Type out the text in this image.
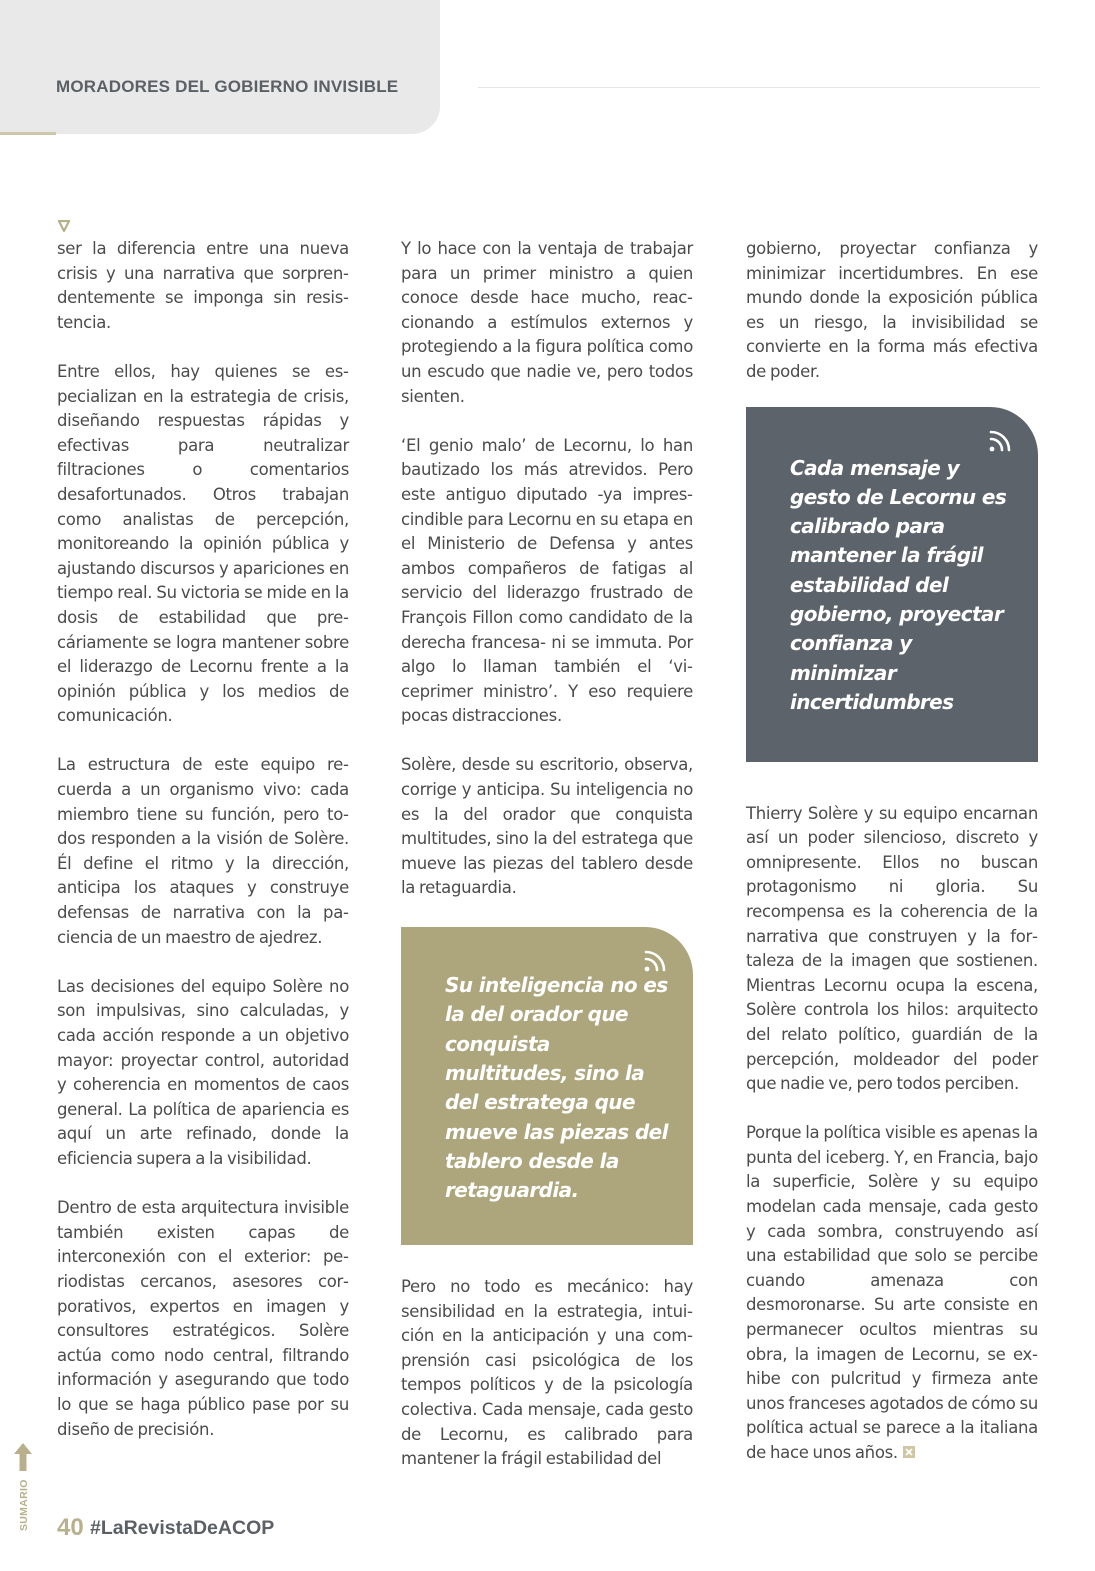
MORADORES DEL GOBIERNO INVISIBLE

ser la diferencia entre una nueva crisis y una narrativa que sorprendentemente se imponga sin resistencia.

Entre ellos, hay quienes se especializan en la estrategia de crisis, diseñando respuestas rápidas y efectivas para neutralizar filtraciones o comentarios desafortunados. Otros trabajan como analistas de percepción, monitoreando la opinión pública y ajustando discursos y apariciones en tiempo real. Su victoria se mide en la dosis de estabilidad que precáriamente se logra mantener sobre el liderazgo de Lecornu frente a la opinión pública y los medios de comunicación.

La estructura de este equipo recuerda a un organismo vivo: cada miembro tiene su función, pero todos responden a la visión de Solère. Él define el ritmo y la dirección, anticipa los ataques y construye defensas de narrativa con la paciencia de un maestro de ajedrez.

Las decisiones del equipo Solère no son impulsivas, sino calculadas, y cada acción responde a un objetivo mayor: proyectar control, autoridad y coherencia en momentos de caos general. La política de apariencia es aquí un arte refinado, donde la eficiencia supera a la visibilidad.

Dentro de esta arquitectura invisible también existen capas de interconexión con el exterior: periodistas cercanos, asesores corporativos, expertos en imagen y consultores estratégicos. Solère actúa como nodo central, filtrando información y asegurando que todo lo que se haga público pase por su diseño de precisión.

Y lo hace con la ventaja de trabajar para un primer ministro a quien conoce desde hace mucho, reaccionando a estímulos externos y protegiendo a la figura política como un escudo que nadie ve, pero todos sienten.

‘El genio malo’ de Lecornu, lo han bautizado los más atrevidos. Pero este antiguo diputado -ya imprescindible para Lecornu en su etapa en el Ministerio de Defensa y antes ambos compañeros de fatigas al servicio del liderazgo frustrado de François Fillon como candidato de la derecha francesa- ni se immuta. Por algo lo llaman también el ‘viceprimer ministro’. Y eso requiere pocas distracciones.

Solère, desde su escritorio, observa, corrige y anticipa. Su inteligencia no es la del orador que conquista multitudes, sino la del estratega que mueve las piezas del tablero desde la retaguardia.

Su inteligencia no es la del orador que conquista multitudes, sino la del estratega que mueve las piezas del tablero desde la retaguardia.

Pero no todo es mecánico: hay sensibilidad en la estrategia, intuición en la anticipación y una comprensión casi psicológica de los tempos políticos y de la psicología colectiva. Cada mensaje, cada gesto de Lecornu, es calibrado para mantener la frágil estabilidad del

gobierno, proyectar confianza y minimizar incertidumbres. En ese mundo donde la exposición pública es un riesgo, la invisibilidad se convierte en la forma más efectiva de poder.

Cada mensaje y gesto de Lecornu es calibrado para mantener la frágil estabilidad del gobierno, proyectar confianza y minimizar incertidumbres

Thierry Solère y su equipo encarnan así un poder silencioso, discreto y omnipresente. Ellos no buscan protagonismo ni gloria. Su recompensa es la coherencia de la narrativa que construyen y la fortaleza de la imagen que sostienen. Mientras Lecornu ocupa la escena, Solère controla los hilos: arquitecto del relato político, guardián de la percepción, moldeador del poder que nadie ve, pero todos perciben.

Porque la política visible es apenas la punta del iceberg. Y, en Francia, bajo la superficie, Solère y su equipo modelan cada mensaje, cada gesto y cada sombra, construyendo así una estabilidad que solo se percibe cuando amenaza con desmoronarse. Su arte consiste en permanecer ocultos mientras su obra, la imagen de Lecornu, se exhibe con pulcritud y firmeza ante unos franceses agotados de cómo su política actual se parece a la italiana de hace unos años.

SUMARIO 40 #LaRevistaDeACOP
